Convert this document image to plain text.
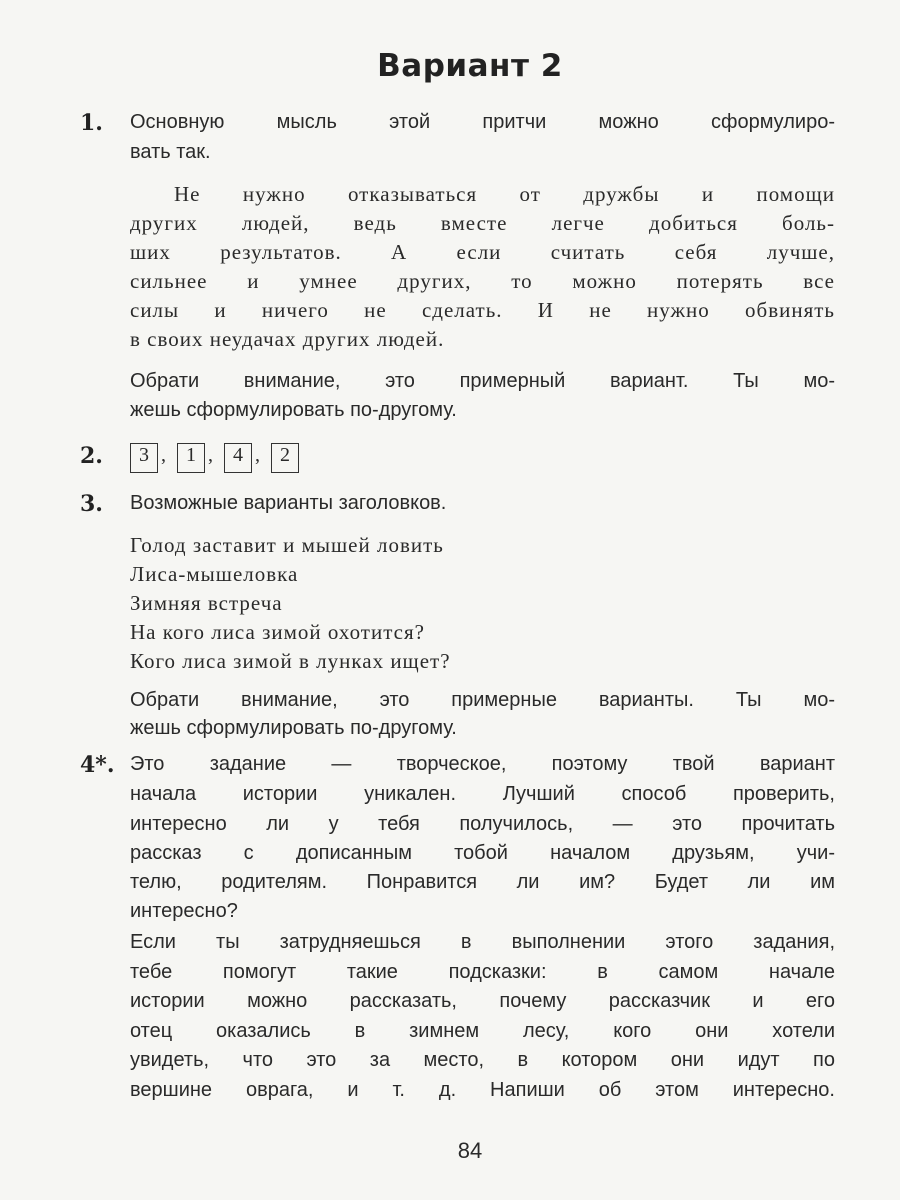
Вариант 2
1. Основную мысль этой притчи можно сформулиро-
вать так.
Не нужно отказываться от дружбы и помощи
других людей, ведь вместе легче добиться боль-
ших результатов. А если считать себя лучше,
сильнее и умнее других, то можно потерять все
силы и ничего не сделать. И не нужно обвинять
в своих неудачах других людей.
Обрати внимание, это примерный вариант. Ты мо-
жешь сформулировать по-другому.
2.	3 , 1 , 4 , 2
3. Возможные варианты заголовков.
Голод заставит и мышей ловить
Лиса-мышеловка
Зимняя встреча
На кого лиса зимой охотится?
Кого лиса зимой в лунках ищет?
Обрати внимание, это примерные варианты. Ты мо-
жешь сформулировать по-другому.
4*. Это задание — творческое, поэтому твой вариант
начала истории уникален. Лучший способ проверить,
интересно ли у тебя получилось, — это прочитать
рассказ с дописанным тобой началом друзьям, учи-
телю, родителям. Понравится ли им? Будет ли им
интересно?
Если ты затрудняешься в выполнении этого задания,
тебе помогут такие подсказки: в самом начале
истории можно рассказать, почему рассказчик и его
отец оказались в зимнем лесу, кого они хотели
увидеть, что это за место, в котором они идут по
вершине оврага, и т. д. Напиши об этом интересно.
84
